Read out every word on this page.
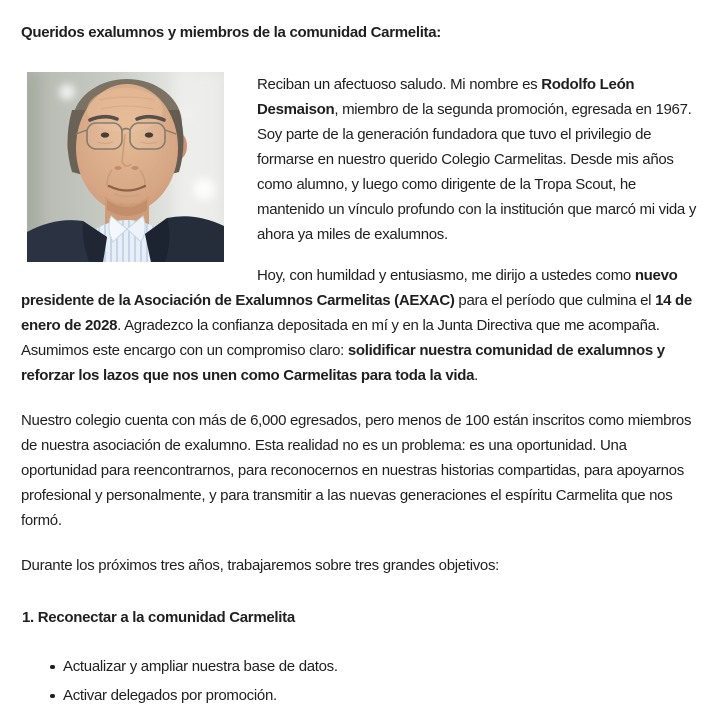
Queridos exalumnos y miembros de la comunidad Carmelita:

Reciban un afectuoso saludo. Mi nombre es Rodolfo León Desmaison, miembro de la segunda promoción, egresada en 1967. Soy parte de la generación fundadora que tuvo el privilegio de formarse en nuestro querido Colegio Carmelitas. Desde mis años como alumno, y luego como dirigente de la Tropa Scout, he mantenido un vínculo profundo con la institución que marcó mi vida y ahora ya miles de exalumnos.

Hoy, con humildad y entusiasmo, me dirijo a ustedes como nuevo presidente de la Asociación de Exalumnos Carmelitas (AEXAC) para el período que culmina el 14 de enero de 2028. Agradezco la confianza depositada en mí y en la Junta Directiva que me acompaña. Asumimos este encargo con un compromiso claro: solidificar nuestra comunidad de exalumnos y reforzar los lazos que nos unen como Carmelitas para toda la vida.

Nuestro colegio cuenta con más de 6,000 egresados, pero menos de 100 están inscritos como miembros de nuestra asociación de exalumno. Esta realidad no es un problema: es una oportunidad. Una oportunidad para reencontrarnos, para reconocernos en nuestras historias compartidas, para apoyarnos profesional y personalmente, y para transmitir a las nuevas generaciones el espíritu Carmelita que nos formó.

Durante los próximos tres años, trabajaremos sobre tres grandes objetivos:

1. Reconectar a la comunidad Carmelita

Actualizar y ampliar nuestra base de datos.
Activar delegados por promoción.
